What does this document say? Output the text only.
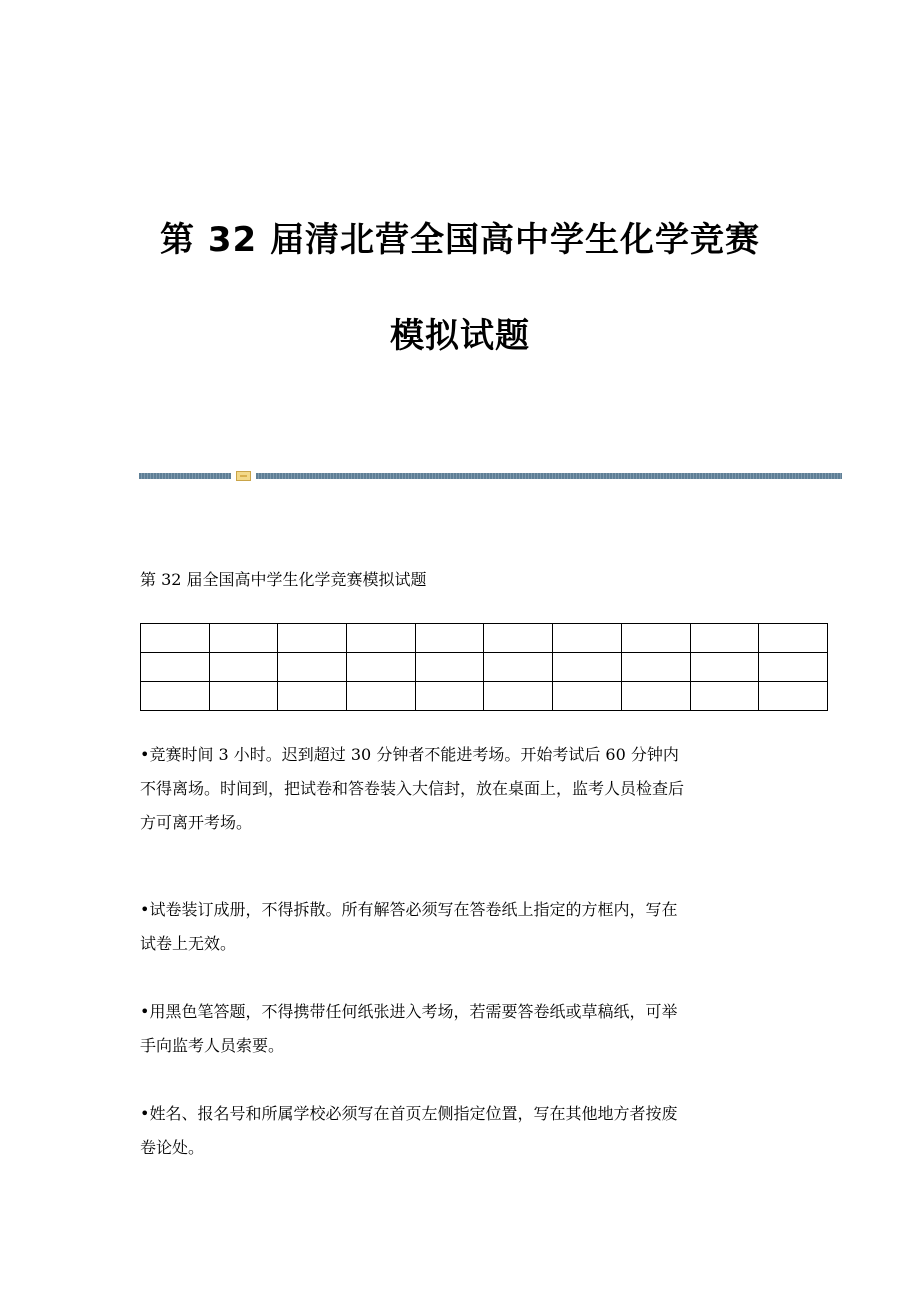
第 32 届清北营全国高中学生化学竞赛
模拟试题
第 32 届全国高中学生化学竞赛模拟试题

•竞赛时间 3 小时。迟到超过 30 分钟者不能进考场。开始考试后 60 分钟内
不得离场。时间到，把试卷和答卷装入大信封，放在桌面上，监考人员检查后
方可离开考场。
•试卷装订成册，不得拆散。所有解答必须写在答卷纸上指定的方框内，写在
试卷上无效。
•用黑色笔答题，不得携带任何纸张进入考场，若需要答卷纸或草稿纸，可举
手向监考人员索要。
•姓名、报名号和所属学校必须写在首页左侧指定位置，写在其他地方者按废
卷论处。
